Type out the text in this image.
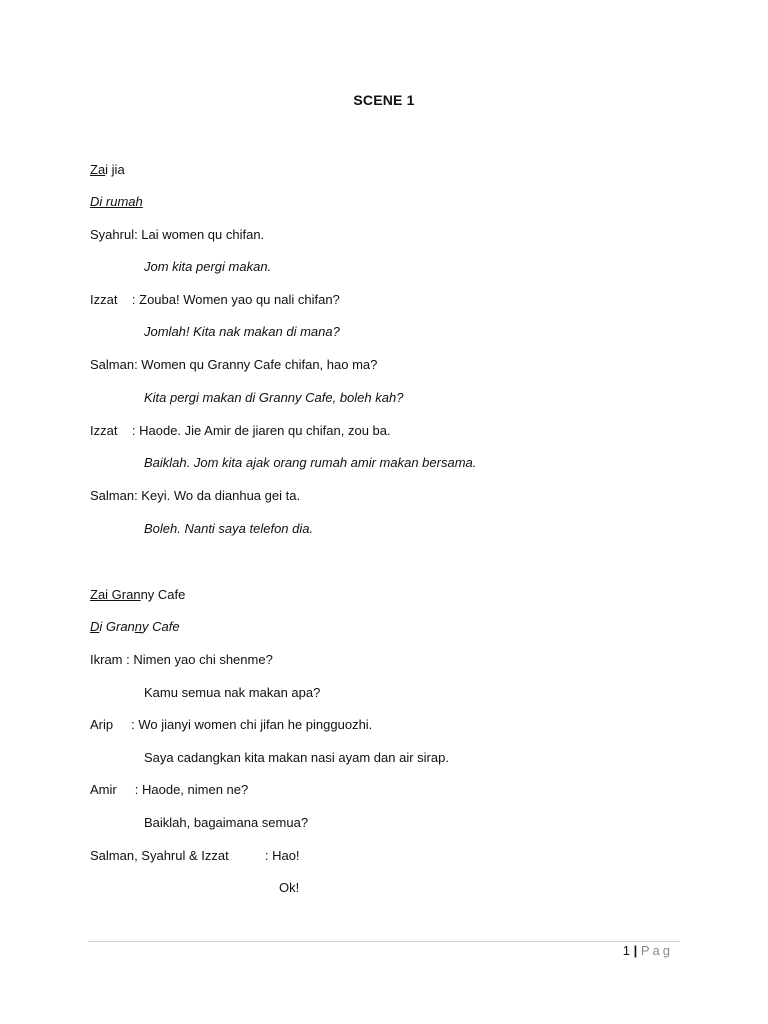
SCENE 1
Zai jia
Di rumah
Syahrul: Lai women qu chifan.
Jom kita pergi makan.
Izzat    : Zouba! Women yao qu nali chifan?
Jomlah! Kita nak makan di mana?
Salman: Women qu Granny Cafe chifan, hao ma?
Kita pergi makan di Granny Cafe, boleh kah?
Izzat    : Haode. Jie Amir de jiaren qu chifan, zou ba.
Baiklah. Jom kita ajak orang rumah amir makan bersama.
Salman: Keyi. Wo da dianhua gei ta.
Boleh. Nanti saya telefon dia.
Zai Granny Cafe
Di Granny Cafe
Ikram : Nimen yao chi shenme?
Kamu semua nak makan apa?
Arip     : Wo jianyi women chi jifan he pingguozhi.
Saya cadangkan kita makan nasi ayam dan air sirap.
Amir     : Haode, nimen ne?
Baiklah, bagaimana semua?
Salman, Syahrul & Izzat          : Hao!
Ok!
1 | Pag
